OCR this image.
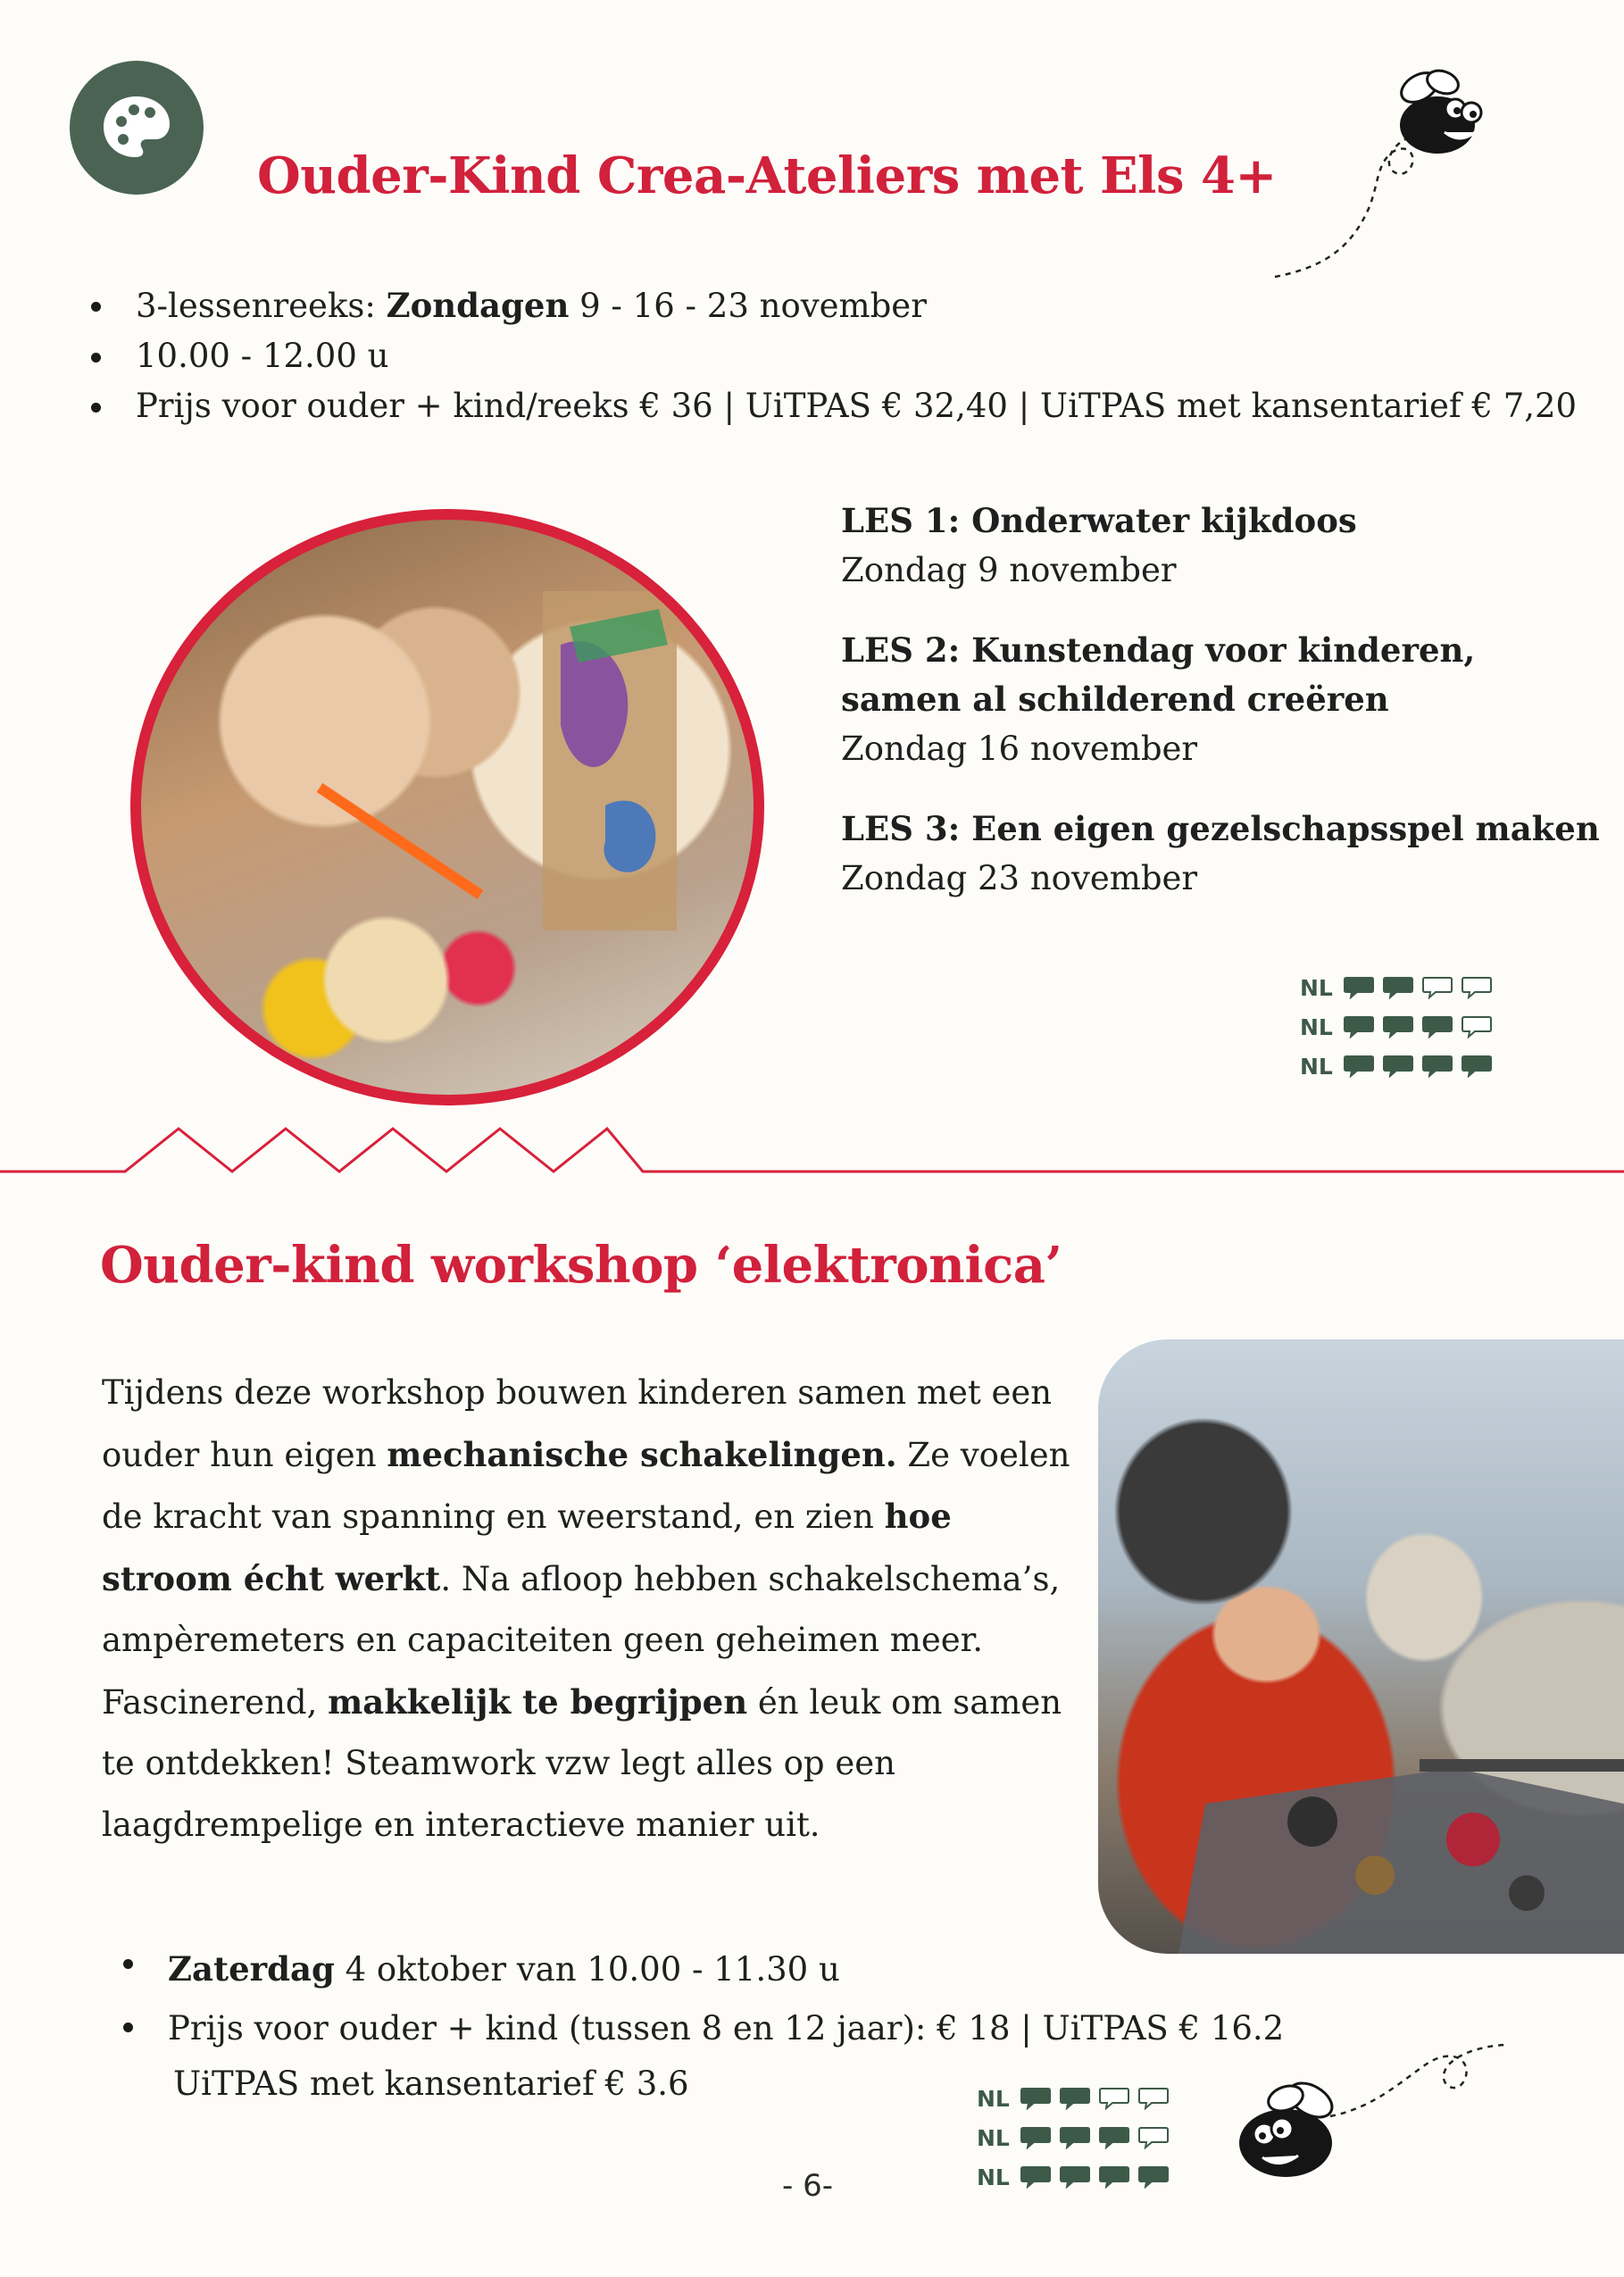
Ouder-Kind Crea-Ateliers met Els 4+
3-lessenreeks: Zondagen 9 - 16 - 23 november
10.00 - 12.00 u
Prijs voor ouder + kind/reeks € 36 | UiTPAS € 32,40 | UiTPAS met kansentarief € 7,20
LES 1: Onderwater kijkdoos
Zondag 9 november
LES 2: Kunstendag voor kinderen,
samen al schilderend creëren
Zondag 16 november
LES 3: Een eigen gezelschapsspel maken
Zondag 23 november
NL
NL
NL
Ouder-kind workshop ‘elektronica’
Tijdens deze workshop bouwen kinderen samen met een ouder hun eigen mechanische schakelingen. Ze voelen de kracht van spanning en weerstand, en zien hoe stroom écht werkt. Na afloop hebben schakelschema’s, ampèremeters en capaciteiten geen geheimen meer.
Fascinerend, makkelijk te begrijpen én leuk om samen te ontdekken! Steamwork vzw legt alles op een laagdrempelige en interactieve manier uit.
Zaterdag 4 oktober van 10.00 - 11.30 u
Prijs voor ouder + kind (tussen 8 en 12 jaar): € 18 | UiTPAS € 16.2
UiTPAS met kansentarief € 3.6	NL
NL
NL
- 6-
